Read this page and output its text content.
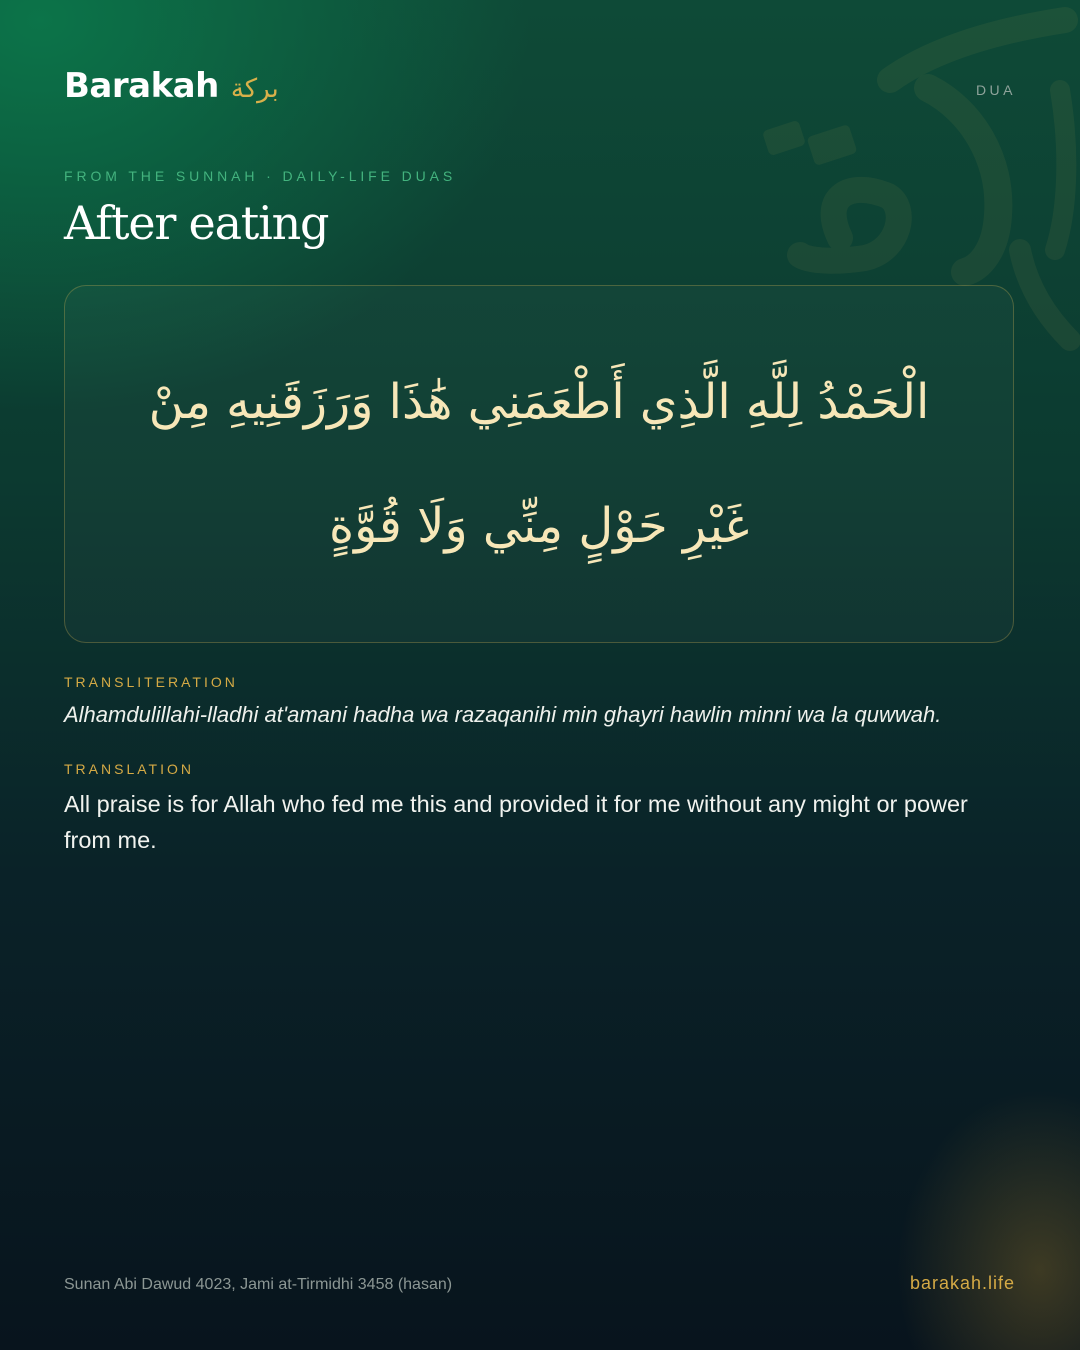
Barakah بركة	DUA
FROM THE SUNNAH · DAILY-LIFE DUAS
After eating

الْحَمْدُ لِلَّهِ الَّذِي أَطْعَمَنِي هَٰذَا وَرَزَقَنِيهِ مِنْ غَيْرِ حَوْلٍ مِنِّي وَلَا قُوَّةٍ

TRANSLITERATION

Alhamdulillahi-lladhi at'amani hadha wa razaqanihi min ghayri hawlin minni wa la quwwah.

TRANSLATION

All praise is for Allah who fed me this and provided it for me without any might or power from me.

Sunan Abi Dawud 4023, Jami at-Tirmidhi 3458 (hasan)	barakah.life
